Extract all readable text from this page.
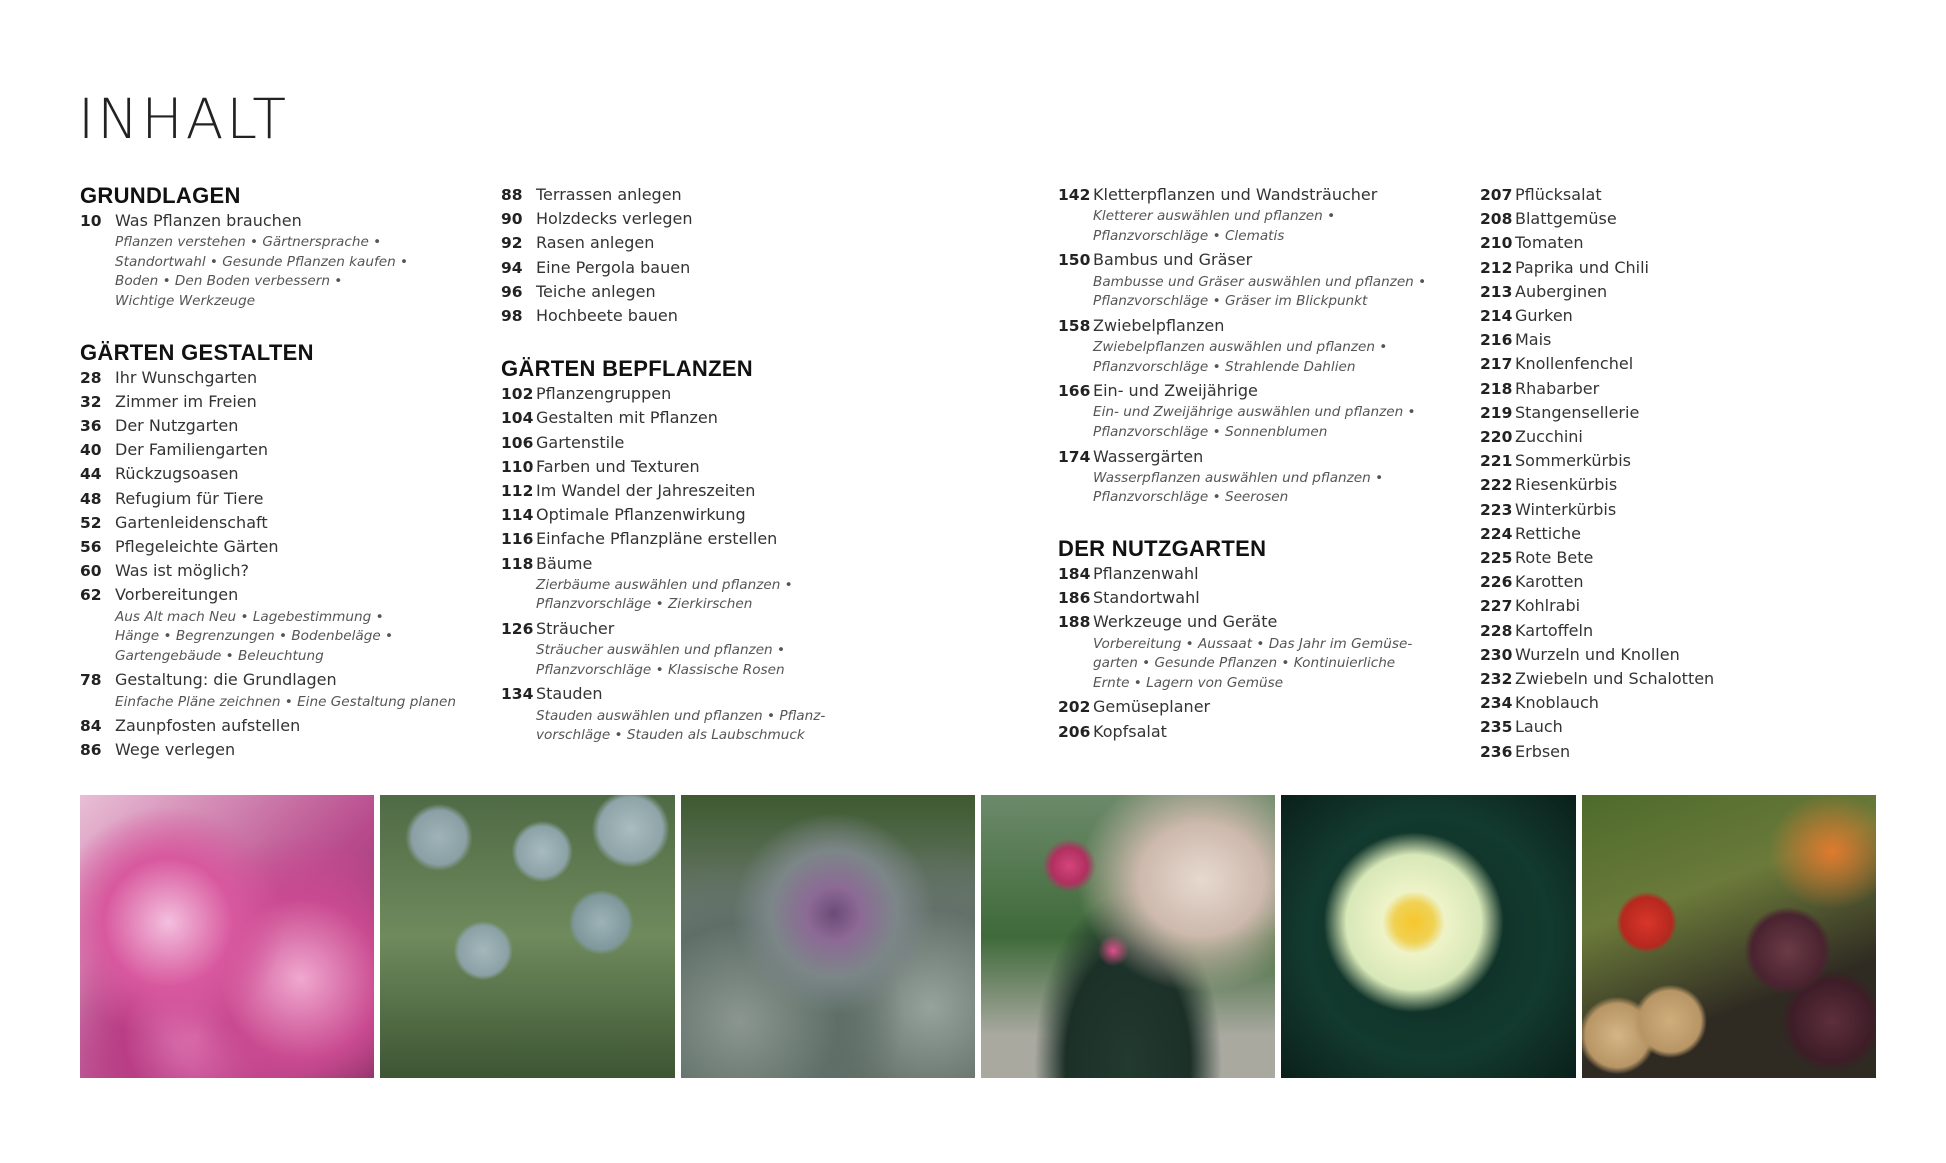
INHALT
GRUNDLAGEN
10 Was Pflanzen brauchen
Pflanzen verstehen • Gärtnersprache •
Standortwahl • Gesunde Pflanzen kaufen •
Boden • Den Boden verbessern •
Wichtige Werkzeuge
GÄRTEN GESTALTEN
28 Ihr Wunschgarten
32 Zimmer im Freien
36 Der Nutzgarten
40 Der Familiengarten
44 Rückzugsoasen
48 Refugium für Tiere
52 Gartenleidenschaft
56 Pflegeleichte Gärten
60 Was ist möglich?
62 Vorbereitungen
Aus Alt mach Neu • Lagebestimmung •
Hänge • Begrenzungen • Bodenbeläge •
Gartengebäude • Beleuchtung
78 Gestaltung: die Grundlagen
Einfache Pläne zeichnen • Eine Gestaltung planen
84 Zaunpfosten aufstellen
86 Wege verlegen
88 Terrassen anlegen
90 Holzdecks verlegen
92 Rasen anlegen
94 Eine Pergola bauen
96 Teiche anlegen
98 Hochbeete bauen
GÄRTEN BEPFLANZEN
102 Pflanzengruppen
104 Gestalten mit Pflanzen
106 Gartenstile
110 Farben und Texturen
112 Im Wandel der Jahreszeiten
114 Optimale Pflanzenwirkung
116 Einfache Pflanzpläne erstellen
118 Bäume
Zierbäume auswählen und pflanzen •
Pflanzvorschläge • Zierkirschen
126 Sträucher
Sträucher auswählen und pflanzen •
Pflanzvorschläge • Klassische Rosen
134 Stauden
Stauden auswählen und pflanzen • Pflanz-
vorschläge • Stauden als Laubschmuck
142 Kletterpflanzen und Wandsträucher
Kletterer auswählen und pflanzen •
Pflanzvorschläge • Clematis
150 Bambus und Gräser
Bambusse und Gräser auswählen und pflanzen •
Pflanzvorschläge • Gräser im Blickpunkt
158 Zwiebelpflanzen
Zwiebelpflanzen auswählen und pflanzen •
Pflanzvorschläge • Strahlende Dahlien
166 Ein- und Zweijährige
Ein- und Zweijährige auswählen und pflanzen •
Pflanzvorschläge • Sonnenblumen
174 Wassergärten
Wasserpflanzen auswählen und pflanzen •
Pflanzvorschläge • Seerosen
DER NUTZGARTEN
184 Pflanzenwahl
186 Standortwahl
188 Werkzeuge und Geräte
Vorbereitung • Aussaat • Das Jahr im Gemüse-
garten • Gesunde Pflanzen • Kontinuierliche
Ernte • Lagern von Gemüse
202 Gemüseplaner
206 Kopfsalat
207 Pflücksalat
208 Blattgemüse
210 Tomaten
212 Paprika und Chili
213 Auberginen
214 Gurken
216 Mais
217 Knollenfenchel
218 Rhabarber
219 Stangensellerie
220 Zucchini
221 Sommerkürbis
222 Riesenkürbis
223 Winterkürbis
224 Rettiche
225 Rote Bete
226 Karotten
227 Kohlrabi
228 Kartoffeln
230 Wurzeln und Knollen
232 Zwiebeln und Schalotten
234 Knoblauch
235 Lauch
236 Erbsen
